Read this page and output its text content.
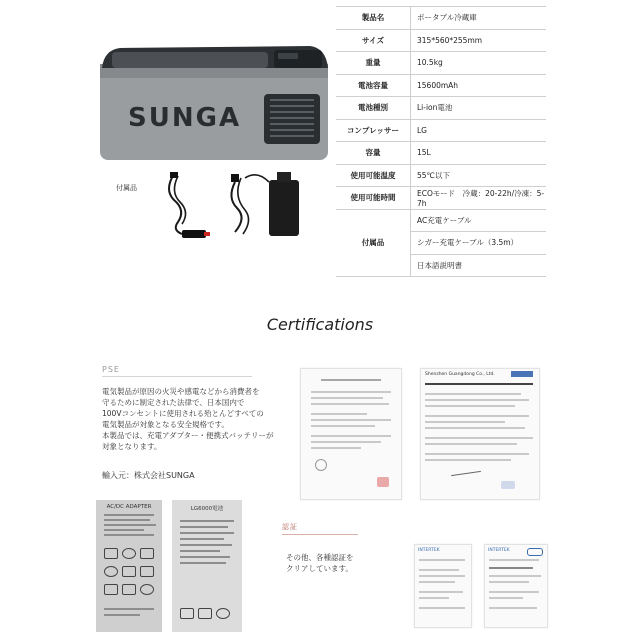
SUNGA
付属品
製品名	ポータブル冷蔵庫
サイズ	315*560*255mm
重量	10.5kg
電池容量	15600mAh
電池種別	Li-ion電池
コンプレッサー	LG
容量	15L
使用可能温度	55℃以下
使用可能時間	ECOモード　冷蔵：20-22h/冷凍：5-7h
付属品	AC充電ケーブル
シガー充電ケーブル（3.5m）
日本語説明書
Certifications
PSE
電気製品が原因の火災や感電などから消費者を
守るために制定された法律で、日本国内で
100Vコンセントに使用される殆とんどすべての
電気製品が対象となる安全規格です。
本製品では、充電アダプター・便携式バッテリーが
対象となります。
輸入元：株式会社SUNGA
Shenzhen Guangdong Co., Ltd.
AC/DC ADAPTER	LG6000電池
認証
その他、各種認証を
クリアしています。
INTERTEK	INTERTEK
